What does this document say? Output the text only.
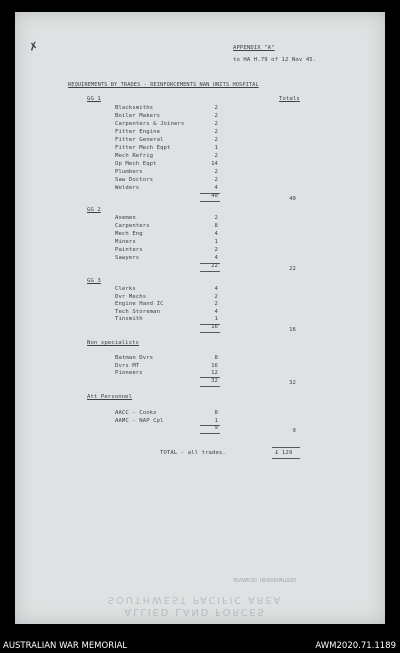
✗	APPENDIX "A"
to HA H.79 of 12 Nov 45.
REQUIREMENTS BY TRADES - REINFORCEMENTS NAN UNITS HOSPITAL
Totals
GG 1
Blacksmiths	2
Boiler Makers	2
Carpenters & Joiners	2
Fitter Engine	2
Fitter General	2
Fitter Mech Eqpt	1
Mech Refrig	2
Op Mech Eqpt	14
Plumbers	2
Saw Doctors	2
Welders	4
40	40
GG 2
Axemen	2
Carpenters	8
Mech Eng	4
Miners	1
Painters	2
Sawyers	4
22	22
GG 3
Clerks	4
Dvr Mechs	2
Engine Hand IC	2
Tech Storeman	4
Tinsmith	1
16	16
Non specialists
Batman Dvrs	8
Dvrs MT	16
Pioneers	12
32	32
Att Personnel
AACC - Cooks	8
AAMC - NAP Cpl	1
9	9
TOTAL - all trades.	£ 129
ADVANCED HEADQUARTERS
SOUTHWEST PACIFIC AREA
ALLIED LAND FORCES
AUSTRALIAN WAR MEMORIAL	AWM2020.71.1189
